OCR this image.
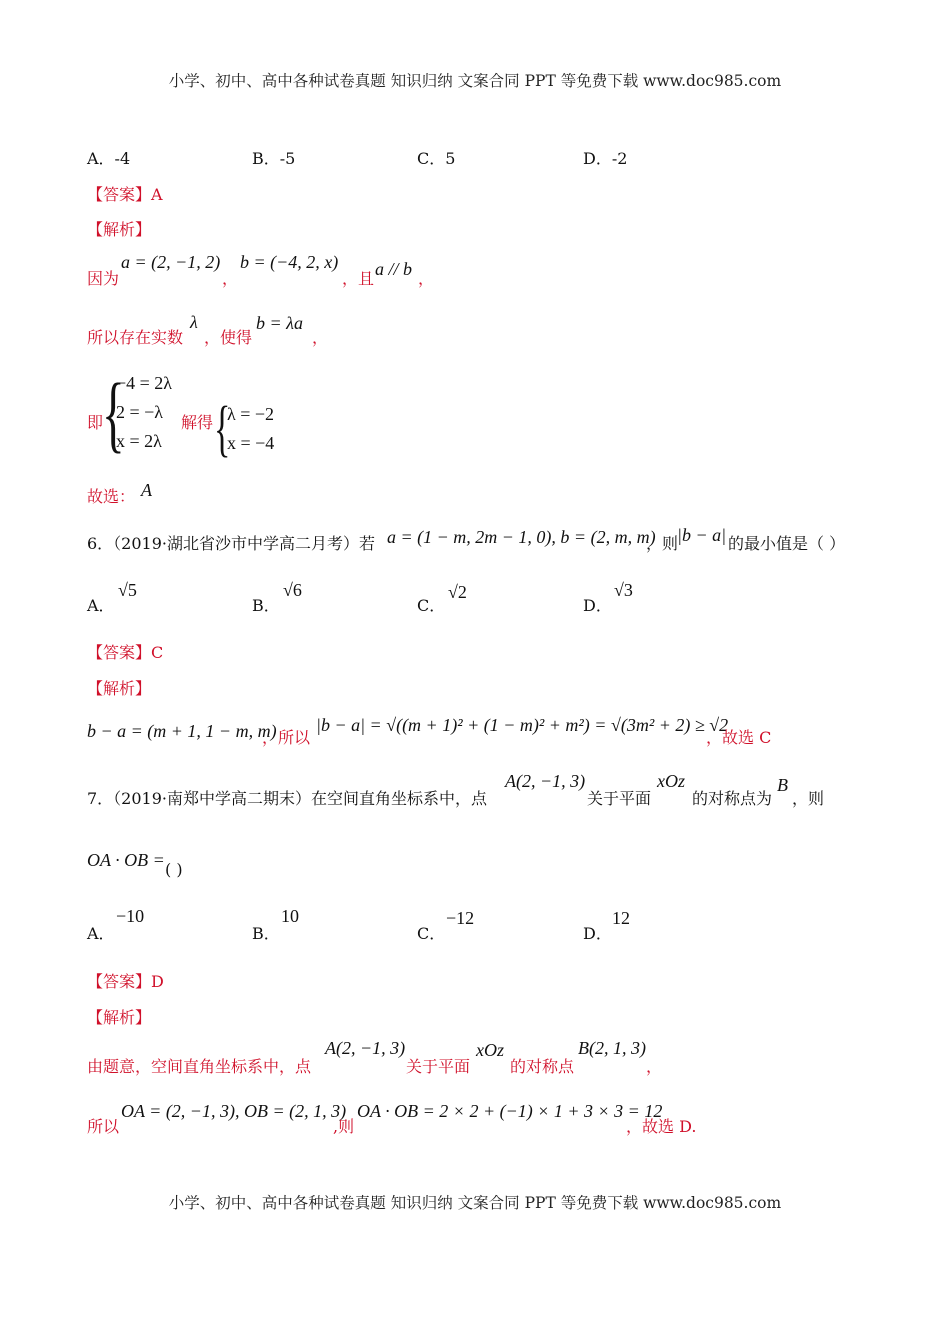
小学、初中、高中各种试卷真题 知识归纳 文案合同 PPT 等免费下载 www.doc985.com
A．-4	B．-5	C．5	D．-2
【答案】A
【解析】
因为
a = (2, −1, 2)
，
b = (−4, 2, x)
，且 a // b ，
所以存在实数
λ
，使得
b = λa
，
即
{
−4 = 2λ
2 = −λ
x = 2λ
解得 {
λ = −2
x = −4
故选： A
6．（2019·湖北省沙市中学高二月考）若 a = (1 − m, 2m − 1, 0), b = (2, m, m)
，则
|b − a| 的最小值是（ ）
A．
√5
B．
√6
C．
√2
D．
√3
【答案】C
【解析】
b − a = (m + 1, 1 − m, m)
，所以
|b − a| = √((m + 1)² + (1 − m)² + m²) = √(3m² + 2) ≥ √2
，故选 C
7．（2019·南郑中学高二期末）在空间直角坐标系中，点
A(2, −1, 3)
关于平面
xOz
的对称点为
B
，则
OA · OB = ( )
A．
−10
B．
10
C．
−12
D．
12
【答案】D
【解析】
由题意，空间直角坐标系中，点
A(2, −1, 3)
关于平面
xOz
的对称点
B(2, 1, 3)
，
所以
OA = (2, −1, 3), OB = (2, 1, 3)
,则
OA · OB = 2 × 2 + (−1) × 1 + 3 × 3 = 12
，故选 D.
小学、初中、高中各种试卷真题 知识归纳 文案合同 PPT 等免费下载 www.doc985.com
